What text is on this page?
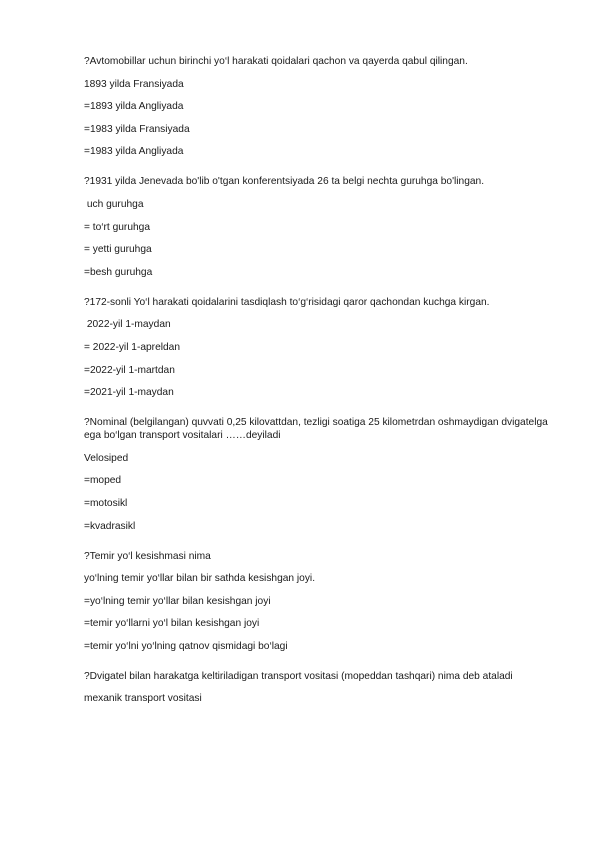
?Avtomobillar uchun birinchi yo‘l harakati qoidalari qachon va qayerda qabul qilingan.

1893 yilda Fransiyada

=1893 yilda Angliyada

=1983 yilda Fransiyada

=1983 yilda Angliyada

?1931 yilda Jenevada bo'lib o'tgan konferentsiyada 26 ta belgi nechta guruhga bo'lingan.

uch guruhga

= to‘rt guruhga

= yetti guruhga

=besh guruhga

?172-sonli Yo‘l harakati qoidalarini tasdiqlash to‘g‘risidagi qaror qachondan kuchga kirgan.

2022-yil 1-maydan

= 2022-yil 1-apreldan

=2022-yil 1-martdan

=2021-yil 1-maydan

?Nominal (belgilangan) quvvati 0,25 kilovattdan, tezligi soatiga 25 kilometrdan oshmaydigan dvigatelga ega bo‘lgan transport vositalari ……deyiladi

Velosiped

=moped

=motosikl

=kvadrasikl

?Temir yo‘l kesishmasi nima

yo‘lning temir yo‘llar bilan bir sathda kesishgan joyi.

=yo‘lning temir yo‘llar bilan kesishgan joyi

=temir yo‘llarni yo‘l bilan kesishgan joyi

=temir yo‘lni yo‘lning qatnov qismidagi bo‘lagi

?Dvigatel bilan harakatga keltiriladigan transport vositasi (mopeddan tashqari) nima deb ataladi

mexanik transport vositasi
